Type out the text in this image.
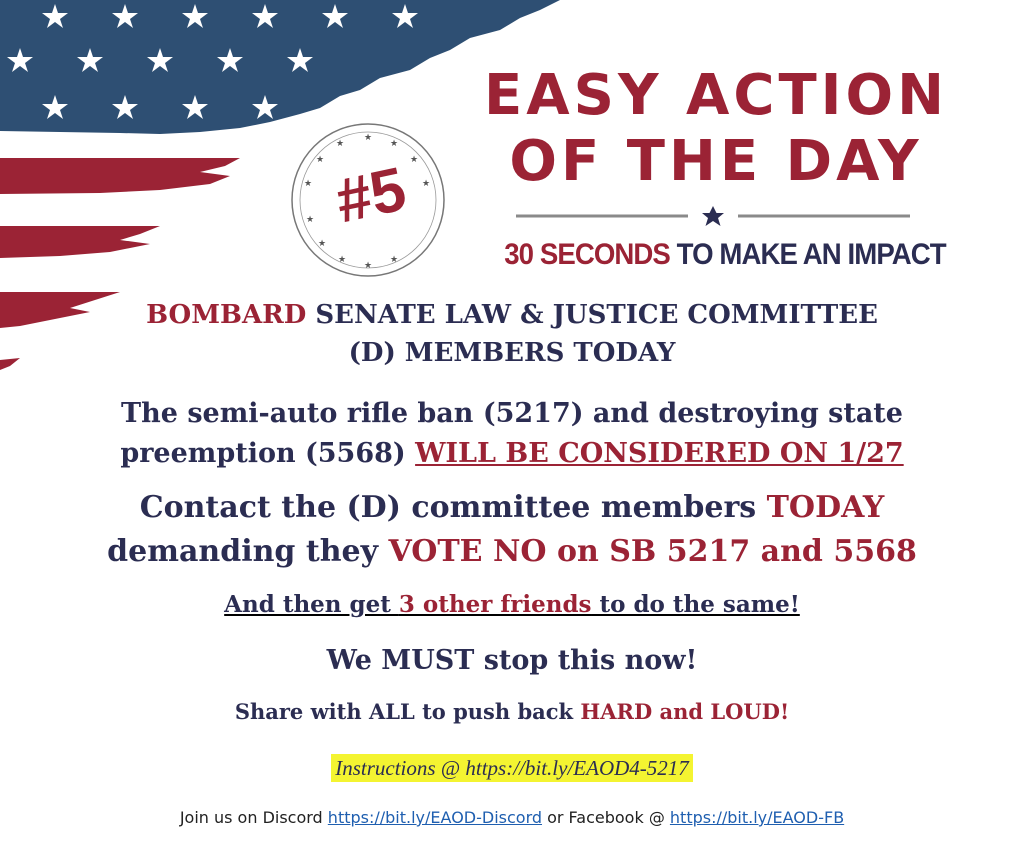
★
★
★
★
★
★
★
★
★
★
★
★
#5
EASY ACTION
OF THE DAY
30 SECONDS TO MAKE AN IMPACT
BOMBARD SENATE LAW & JUSTICE COMMITTEE
(D) MEMBERS TODAY
The semi-auto rifle ban (5217) and destroying state
preemption (5568) WILL BE CONSIDERED ON 1/27
Contact the (D) committee members TODAY
demanding they VOTE NO on SB 5217 and 5568
And then get 3 other friends to do the same!
We MUST stop this now!
Share with ALL to push back HARD and LOUD!
Instructions @ https://bit.ly/EAOD4-5217
Join us on Discord https://bit.ly/EAOD-Discord or Facebook @ https://bit.ly/EAOD-FB
